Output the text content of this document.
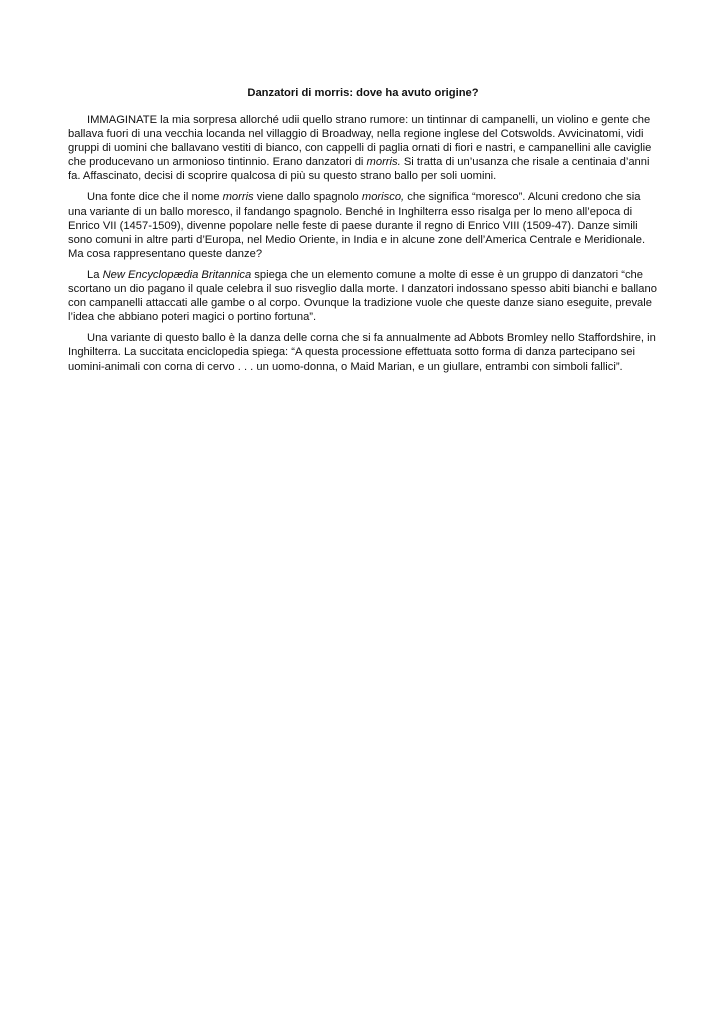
Danzatori di morris: dove ha avuto origine?

IMMAGINATE la mia sorpresa allorché udii quello strano rumore: un tintinnar di campanelli, un violino e gente che ballava fuori di una vecchia locanda nel villaggio di Broadway, nella regione inglese del Cotswolds. Avvicinatomi, vidi gruppi di uomini che ballavano vestiti di bianco, con cappelli di paglia ornati di fiori e nastri, e campanellini alle caviglie che producevano un armonioso tintinnio. Erano danzatori di morris. Si tratta di un’usanza che risale a centinaia d’anni fa. Affascinato, decisi di scoprire qualcosa di più su questo strano ballo per soli uomini.

Una fonte dice che il nome morris viene dallo spagnolo morisco, che significa “moresco”. Alcuni credono che sia una variante di un ballo moresco, il fandango spagnolo. Benché in Inghilterra esso risalga per lo meno all’epoca di Enrico VII (1457-1509), divenne popolare nelle feste di paese durante il regno di Enrico VIII (1509-47). Danze simili sono comuni in altre parti d’Europa, nel Medio Oriente, in India e in alcune zone dell’America Centrale e Meridionale. Ma cosa rappresentano queste danze?

La New Encyclopædia Britannica spiega che un elemento comune a molte di esse è un gruppo di danzatori “che scortano un dio pagano il quale celebra il suo risveglio dalla morte. I danzatori indossano spesso abiti bianchi e ballano con campanelli attaccati alle gambe o al corpo. Ovunque la tradizione vuole che queste danze siano eseguite, prevale l’idea che abbiano poteri magici o portino fortuna”.

Una variante di questo ballo è la danza delle corna che si fa annualmente ad Abbots Bromley nello Staffordshire, in Inghilterra. La succitata enciclopedia spiega: “A questa processione effettuata sotto forma di danza partecipano sei uomini-animali con corna di cervo . . . un uomo-donna, o Maid Marian, e un giullare, entrambi con simboli fallici”.
